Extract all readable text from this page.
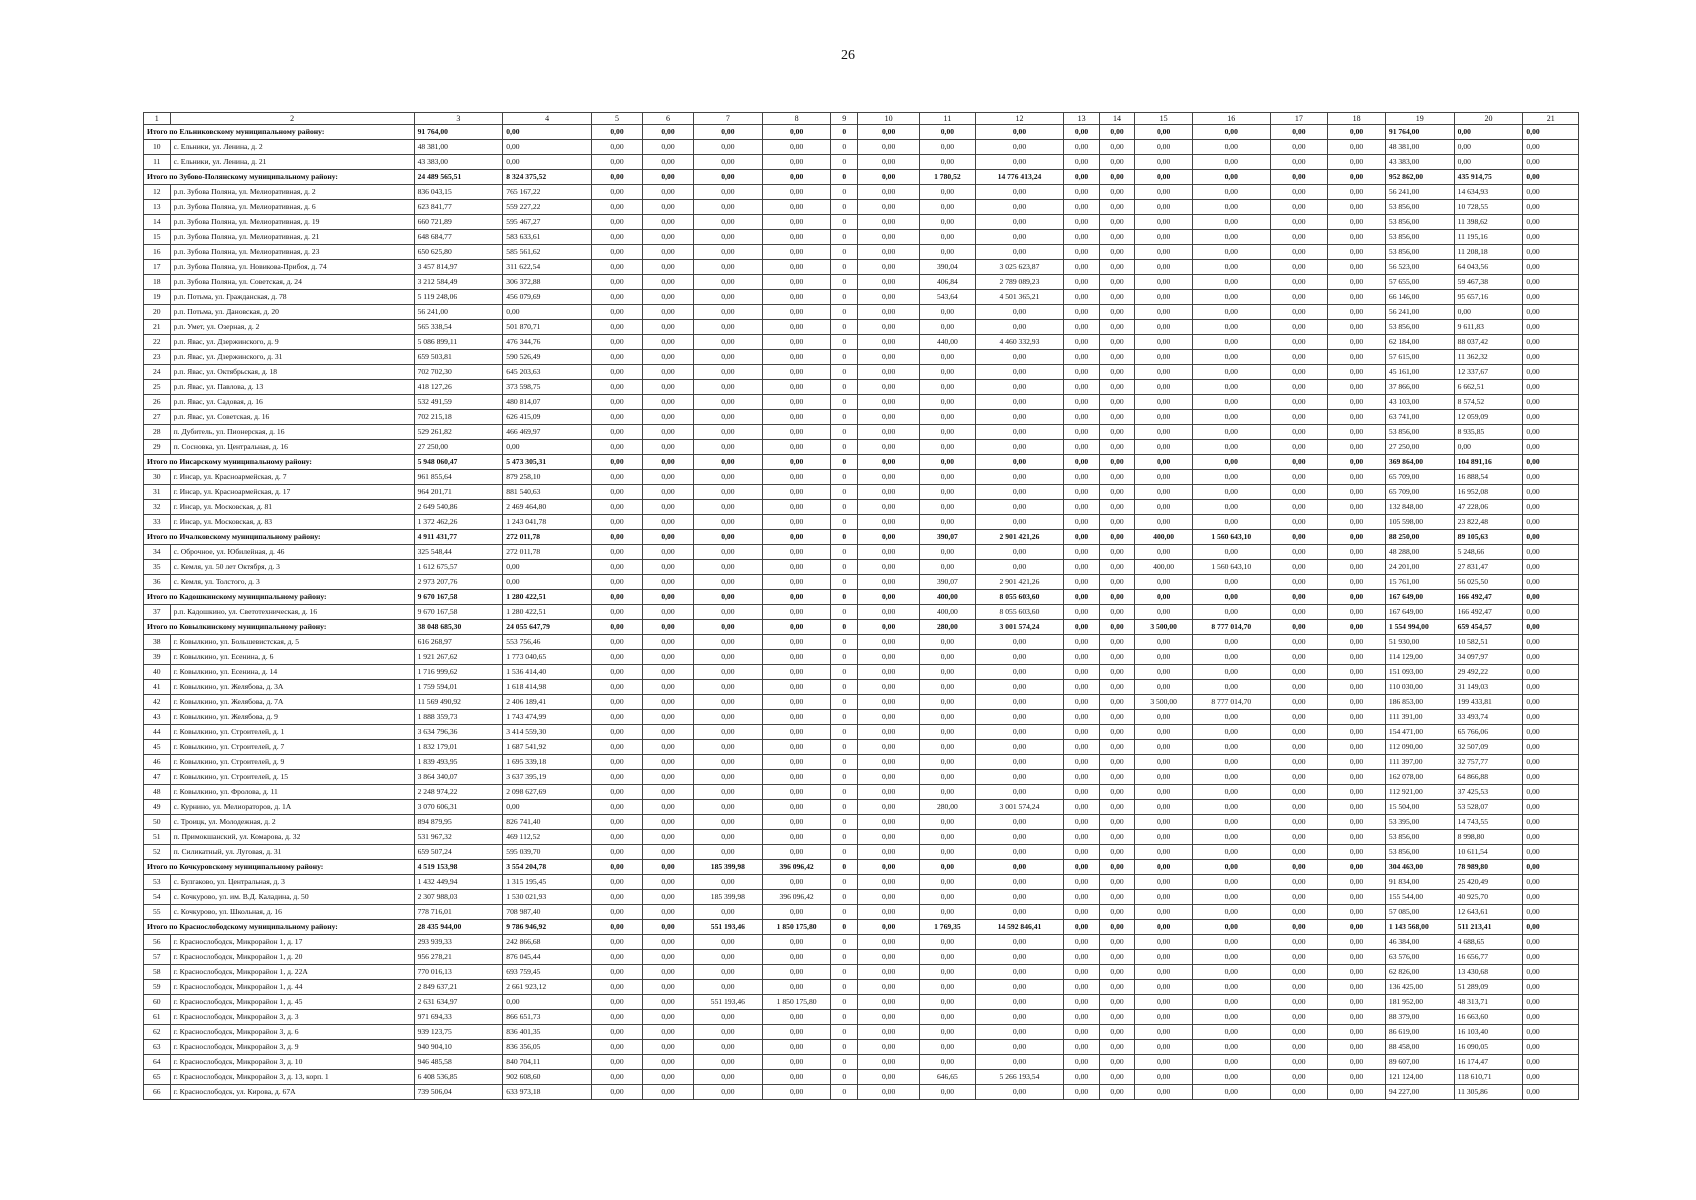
26
1	2	3	4	5	6	7	8	9	10	11	12	13	14	15	16	17	18	19	20	21
Итого по Ельниковскому муниципальному району:		91 764,00	0,00	0,00	0,00	0,00	0,00	0	0,00	0,00	0,00	0,00	0,00	0,00	0,00	0,00	0,00	91 764,00	0,00	0,00
10	с. Ельники, ул. Ленина, д. 2	48 381,00	0,00	0,00	0,00	0,00	0,00	0	0,00	0,00	0,00	0,00	0,00	0,00	0,00	0,00	0,00	48 381,00	0,00	0,00
11	с. Ельники, ул. Ленина, д. 21	43 383,00	0,00	0,00	0,00	0,00	0,00	0	0,00	0,00	0,00	0,00	0,00	0,00	0,00	0,00	0,00	43 383,00	0,00	0,00
Итого по Зубово-Полянскому муниципальному району:		24 489 565,51	8 324 375,52	0,00	0,00	0,00	0,00	0	0,00	1 780,52	14 776 413,24	0,00	0,00	0,00	0,00	0,00	0,00	952 862,00	435 914,75	0,00
12	р.п. Зубова Поляна, ул. Мелиоративная, д. 2	836 043,15	765 167,22	0,00	0,00	0,00	0,00	0	0,00	0,00	0,00	0,00	0,00	0,00	0,00	0,00	0,00	56 241,00	14 634,93	0,00
13	р.п. Зубова Поляна, ул. Мелиоративная, д. 6	623 841,77	559 227,22	0,00	0,00	0,00	0,00	0	0,00	0,00	0,00	0,00	0,00	0,00	0,00	0,00	0,00	53 856,00	10 728,55	0,00
14	р.п. Зубова Поляна, ул. Мелиоративная, д. 19	660 721,89	595 467,27	0,00	0,00	0,00	0,00	0	0,00	0,00	0,00	0,00	0,00	0,00	0,00	0,00	0,00	53 856,00	11 398,62	0,00
15	р.п. Зубова Поляна, ул. Мелиоративная, д. 21	648 684,77	583 633,61	0,00	0,00	0,00	0,00	0	0,00	0,00	0,00	0,00	0,00	0,00	0,00	0,00	0,00	53 856,00	11 195,16	0,00
16	р.п. Зубова Поляна, ул. Мелиоративная, д. 23	650 625,80	585 561,62	0,00	0,00	0,00	0,00	0	0,00	0,00	0,00	0,00	0,00	0,00	0,00	0,00	0,00	53 856,00	11 208,18	0,00
17	р.п. Зубова Поляна, ул. Новикова-Прибоя, д. 74	3 457 814,97	311 622,54	0,00	0,00	0,00	0,00	0	0,00	390,04	3 025 623,87	0,00	0,00	0,00	0,00	0,00	0,00	56 523,00	64 043,56	0,00
18	р.п. Зубова Поляна, ул. Советская, д. 24	3 212 584,49	306 372,88	0,00	0,00	0,00	0,00	0	0,00	406,84	2 789 089,23	0,00	0,00	0,00	0,00	0,00	0,00	57 655,00	59 467,38	0,00
19	р.п. Потьма, ул. Гражданская, д. 78	5 119 248,06	456 079,69	0,00	0,00	0,00	0,00	0	0,00	543,64	4 501 365,21	0,00	0,00	0,00	0,00	0,00	0,00	66 146,00	95 657,16	0,00
20	р.п. Потьма, ул. Дановская, д. 20	56 241,00	0,00	0,00	0,00	0,00	0,00	0	0,00	0,00	0,00	0,00	0,00	0,00	0,00	0,00	0,00	56 241,00	0,00	0,00
21	р.п. Умет, ул. Озерная, д. 2	565 338,54	501 870,71	0,00	0,00	0,00	0,00	0	0,00	0,00	0,00	0,00	0,00	0,00	0,00	0,00	0,00	53 856,00	9 611,83	0,00
22	р.п. Явас, ул. Дзержинского, д. 9	5 086 899,11	476 344,76	0,00	0,00	0,00	0,00	0	0,00	440,00	4 460 332,93	0,00	0,00	0,00	0,00	0,00	0,00	62 184,00	88 037,42	0,00
23	р.п. Явас, ул. Дзержинского, д. 31	659 503,81	590 526,49	0,00	0,00	0,00	0,00	0	0,00	0,00	0,00	0,00	0,00	0,00	0,00	0,00	0,00	57 615,00	11 362,32	0,00
24	р.п. Явас, ул. Октябрьская, д. 18	702 702,30	645 203,63	0,00	0,00	0,00	0,00	0	0,00	0,00	0,00	0,00	0,00	0,00	0,00	0,00	0,00	45 161,00	12 337,67	0,00
25	р.п. Явас, ул. Павлова, д. 13	418 127,26	373 598,75	0,00	0,00	0,00	0,00	0	0,00	0,00	0,00	0,00	0,00	0,00	0,00	0,00	0,00	37 866,00	6 662,51	0,00
26	р.п. Явас, ул. Садовая, д. 16	532 491,59	480 814,07	0,00	0,00	0,00	0,00	0	0,00	0,00	0,00	0,00	0,00	0,00	0,00	0,00	0,00	43 103,00	8 574,52	0,00
27	р.п. Явас, ул. Советская, д. 16	702 215,18	626 415,09	0,00	0,00	0,00	0,00	0	0,00	0,00	0,00	0,00	0,00	0,00	0,00	0,00	0,00	63 741,00	12 059,09	0,00
28	п. Дубитель, ул. Пионерская, д. 16	529 261,82	466 469,97	0,00	0,00	0,00	0,00	0	0,00	0,00	0,00	0,00	0,00	0,00	0,00	0,00	0,00	53 856,00	8 935,85	0,00
29	п. Сосновка, ул. Центральная, д. 16	27 250,00	0,00	0,00	0,00	0,00	0,00	0	0,00	0,00	0,00	0,00	0,00	0,00	0,00	0,00	0,00	27 250,00	0,00	0,00
Итого по Инсарскому муниципальному району:		5 948 060,47	5 473 305,31	0,00	0,00	0,00	0,00	0	0,00	0,00	0,00	0,00	0,00	0,00	0,00	0,00	0,00	369 864,00	104 891,16	0,00
30	г. Инсар, ул. Красноармейская, д. 7	961 855,64	879 258,10	0,00	0,00	0,00	0,00	0	0,00	0,00	0,00	0,00	0,00	0,00	0,00	0,00	0,00	65 709,00	16 888,54	0,00
31	г. Инсар, ул. Красноармейская, д. 17	964 201,71	881 540,63	0,00	0,00	0,00	0,00	0	0,00	0,00	0,00	0,00	0,00	0,00	0,00	0,00	0,00	65 709,00	16 952,08	0,00
32	г. Инсар, ул. Московская, д. 81	2 649 540,86	2 469 464,80	0,00	0,00	0,00	0,00	0	0,00	0,00	0,00	0,00	0,00	0,00	0,00	0,00	0,00	132 848,00	47 228,06	0,00
33	г. Инсар, ул. Московская, д. 83	1 372 462,26	1 243 041,78	0,00	0,00	0,00	0,00	0	0,00	0,00	0,00	0,00	0,00	0,00	0,00	0,00	0,00	105 598,00	23 822,48	0,00
Итого по Ичалковскому муниципальному району:		4 911 431,77	272 011,78	0,00	0,00	0,00	0,00	0	0,00	390,07	2 901 421,26	0,00	0,00	400,00	1 560 643,10	0,00	0,00	88 250,00	89 105,63	0,00
34	с. Оброчное, ул. Юбилейная, д. 46	325 548,44	272 011,78	0,00	0,00	0,00	0,00	0	0,00	0,00	0,00	0,00	0,00	0,00	0,00	0,00	0,00	48 288,00	5 248,66	0,00
35	с. Кемля, ул. 50 лет Октября, д. 3	1 612 675,57	0,00	0,00	0,00	0,00	0,00	0	0,00	0,00	0,00	0,00	0,00	400,00	1 560 643,10	0,00	0,00	24 201,00	27 831,47	0,00
36	с. Кемля, ул. Толстого, д. 3	2 973 207,76	0,00	0,00	0,00	0,00	0,00	0	0,00	390,07	2 901 421,26	0,00	0,00	0,00	0,00	0,00	0,00	15 761,00	56 025,50	0,00
Итого по Кадошкинскому муниципальному району:		9 670 167,58	1 280 422,51	0,00	0,00	0,00	0,00	0	0,00	400,00	8 055 603,60	0,00	0,00	0,00	0,00	0,00	0,00	167 649,00	166 492,47	0,00
37	р.п. Кадошкино, ул. Светотехническая, д. 16	9 670 167,58	1 280 422,51	0,00	0,00	0,00	0,00	0	0,00	400,00	8 055 603,60	0,00	0,00	0,00	0,00	0,00	0,00	167 649,00	166 492,47	0,00
Итого по Ковылкинскому муниципальному району:		38 048 685,30	24 055 647,79	0,00	0,00	0,00	0,00	0	0,00	280,00	3 001 574,24	0,00	0,00	3 500,00	8 777 014,70	0,00	0,00	1 554 994,00	659 454,57	0,00
38	г. Ковылкино, ул. Большевистская, д. 5	616 268,97	553 756,46	0,00	0,00	0,00	0,00	0	0,00	0,00	0,00	0,00	0,00	0,00	0,00	0,00	0,00	51 930,00	10 582,51	0,00
39	г. Ковылкино, ул. Есенина, д. 6	1 921 267,62	1 773 040,65	0,00	0,00	0,00	0,00	0	0,00	0,00	0,00	0,00	0,00	0,00	0,00	0,00	0,00	114 129,00	34 097,97	0,00
40	г. Ковылкино, ул. Есенина, д. 14	1 716 999,62	1 536 414,40	0,00	0,00	0,00	0,00	0	0,00	0,00	0,00	0,00	0,00	0,00	0,00	0,00	0,00	151 093,00	29 492,22	0,00
41	г. Ковылкино, ул. Желябова, д. 3А	1 759 594,01	1 618 414,98	0,00	0,00	0,00	0,00	0	0,00	0,00	0,00	0,00	0,00	0,00	0,00	0,00	0,00	110 030,00	31 149,03	0,00
42	г. Ковылкино, ул. Желябова, д. 7А	11 569 490,92	2 406 189,41	0,00	0,00	0,00	0,00	0	0,00	0,00	0,00	0,00	0,00	3 500,00	8 777 014,70	0,00	0,00	186 853,00	199 433,81	0,00
43	г. Ковылкино, ул. Желябова, д. 9	1 888 359,73	1 743 474,99	0,00	0,00	0,00	0,00	0	0,00	0,00	0,00	0,00	0,00	0,00	0,00	0,00	0,00	111 391,00	33 493,74	0,00
44	г. Ковылкино, ул. Строителей, д. 1	3 634 796,36	3 414 559,30	0,00	0,00	0,00	0,00	0	0,00	0,00	0,00	0,00	0,00	0,00	0,00	0,00	0,00	154 471,00	65 766,06	0,00
45	г. Ковылкино, ул. Строителей, д. 7	1 832 179,01	1 687 541,92	0,00	0,00	0,00	0,00	0	0,00	0,00	0,00	0,00	0,00	0,00	0,00	0,00	0,00	112 090,00	32 507,09	0,00
46	г. Ковылкино, ул. Строителей, д. 9	1 839 493,95	1 695 339,18	0,00	0,00	0,00	0,00	0	0,00	0,00	0,00	0,00	0,00	0,00	0,00	0,00	0,00	111 397,00	32 757,77	0,00
47	г. Ковылкино, ул. Строителей, д. 15	3 864 340,07	3 637 395,19	0,00	0,00	0,00	0,00	0	0,00	0,00	0,00	0,00	0,00	0,00	0,00	0,00	0,00	162 078,00	64 866,88	0,00
48	г. Ковылкино, ул. Фролова, д. 11	2 248 974,22	2 098 627,69	0,00	0,00	0,00	0,00	0	0,00	0,00	0,00	0,00	0,00	0,00	0,00	0,00	0,00	112 921,00	37 425,53	0,00
49	с. Курнино, ул. Мелиораторов, д. 1А	3 070 606,31	0,00	0,00	0,00	0,00	0,00	0	0,00	280,00	3 001 574,24	0,00	0,00	0,00	0,00	0,00	0,00	15 504,00	53 528,07	0,00
50	с. Троицк, ул. Молодежная, д. 2	894 879,95	826 741,40	0,00	0,00	0,00	0,00	0	0,00	0,00	0,00	0,00	0,00	0,00	0,00	0,00	0,00	53 395,00	14 743,55	0,00
51	п. Примокшанский, ул. Комарова, д. 32	531 967,32	469 112,52	0,00	0,00	0,00	0,00	0	0,00	0,00	0,00	0,00	0,00	0,00	0,00	0,00	0,00	53 856,00	8 998,80	0,00
52	п. Силикатный, ул. Луговая, д. 31	659 507,24	595 039,70	0,00	0,00	0,00	0,00	0	0,00	0,00	0,00	0,00	0,00	0,00	0,00	0,00	0,00	53 856,00	10 611,54	0,00
Итого по Кочкуровскому муниципальному району:		4 519 153,98	3 554 204,78	0,00	0,00	185 399,98	396 096,42	0	0,00	0,00	0,00	0,00	0,00	0,00	0,00	0,00	0,00	304 463,00	78 989,80	0,00
53	с. Булгаково, ул. Центральная, д. 3	1 432 449,94	1 315 195,45	0,00	0,00	0,00	0,00	0	0,00	0,00	0,00	0,00	0,00	0,00	0,00	0,00	0,00	91 834,00	25 420,49	0,00
54	с. Кочкурово, ул. им. В.Д. Каладина, д. 50	2 307 988,03	1 530 021,93	0,00	0,00	185 399,98	396 096,42	0	0,00	0,00	0,00	0,00	0,00	0,00	0,00	0,00	0,00	155 544,00	40 925,70	0,00
55	с. Кочкурово, ул. Школьная, д. 16	778 716,01	708 987,40	0,00	0,00	0,00	0,00	0	0,00	0,00	0,00	0,00	0,00	0,00	0,00	0,00	0,00	57 085,00	12 643,61	0,00
Итого по Краснослободскому муниципальному району:		28 435 944,00	9 786 946,92	0,00	0,00	551 193,46	1 850 175,80	0	0,00	1 769,35	14 592 846,41	0,00	0,00	0,00	0,00	0,00	0,00	1 143 568,00	511 213,41	0,00
56	г. Краснослободск, Микрорайон 1, д. 17	293 939,33	242 866,68	0,00	0,00	0,00	0,00	0	0,00	0,00	0,00	0,00	0,00	0,00	0,00	0,00	0,00	46 384,00	4 688,65	0,00
57	г. Краснослободск, Микрорайон 1, д. 20	956 278,21	876 045,44	0,00	0,00	0,00	0,00	0	0,00	0,00	0,00	0,00	0,00	0,00	0,00	0,00	0,00	63 576,00	16 656,77	0,00
58	г. Краснослободск, Микрорайон 1, д. 22А	770 016,13	693 759,45	0,00	0,00	0,00	0,00	0	0,00	0,00	0,00	0,00	0,00	0,00	0,00	0,00	0,00	62 826,00	13 430,68	0,00
59	г. Краснослободск, Микрорайон 1, д. 44	2 849 637,21	2 661 923,12	0,00	0,00	0,00	0,00	0	0,00	0,00	0,00	0,00	0,00	0,00	0,00	0,00	0,00	136 425,00	51 289,09	0,00
60	г. Краснослободск, Микрорайон 1, д. 45	2 631 634,97	0,00	0,00	0,00	551 193,46	1 850 175,80	0	0,00	0,00	0,00	0,00	0,00	0,00	0,00	0,00	0,00	181 952,00	48 313,71	0,00
61	г. Краснослободск, Микрорайон 3, д. 3	971 694,33	866 651,73	0,00	0,00	0,00	0,00	0	0,00	0,00	0,00	0,00	0,00	0,00	0,00	0,00	0,00	88 379,00	16 663,60	0,00
62	г. Краснослободск, Микрорайон 3, д. 6	939 123,75	836 401,35	0,00	0,00	0,00	0,00	0	0,00	0,00	0,00	0,00	0,00	0,00	0,00	0,00	0,00	86 619,00	16 103,40	0,00
63	г. Краснослободск, Микрорайон 3, д. 9	940 904,10	836 356,05	0,00	0,00	0,00	0,00	0	0,00	0,00	0,00	0,00	0,00	0,00	0,00	0,00	0,00	88 458,00	16 090,05	0,00
64	г. Краснослободск, Микрорайон 3, д. 10	946 485,58	840 704,11	0,00	0,00	0,00	0,00	0	0,00	0,00	0,00	0,00	0,00	0,00	0,00	0,00	0,00	89 607,00	16 174,47	0,00
65	г. Краснослободск, Микрорайон 3, д. 13, корп. 1	6 408 536,85	902 608,60	0,00	0,00	0,00	0,00	0	0,00	646,65	5 266 193,54	0,00	0,00	0,00	0,00	0,00	0,00	121 124,00	118 610,71	0,00
66	г. Краснослободск, ул. Кирова, д. 67А	739 506,04	633 973,18	0,00	0,00	0,00	0,00	0	0,00	0,00	0,00	0,00	0,00	0,00	0,00	0,00	0,00	94 227,00	11 305,86	0,00
